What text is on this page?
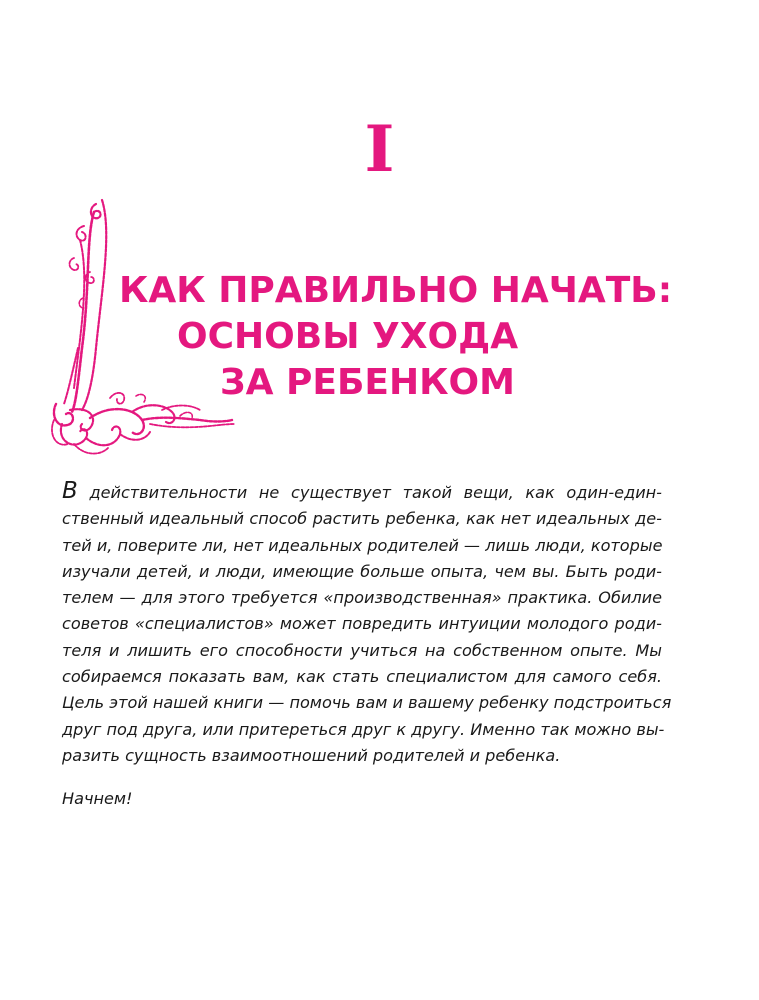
I
КАК ПРАВИЛЬНО НАЧАТЬ:
ОСНОВЫ УХОДА
ЗА РЕБЕНКОМ
В действительности не существует такой вещи, как один-един-
ственный идеальный способ растить ребенка, как нет идеальных де-
тей и, поверите ли, нет идеальных родителей — лишь люди, которые
изучали детей, и люди, имеющие больше опыта, чем вы. Быть роди-
телем — для этого требуется «производственная» практика. Обилие
советов «специалистов» может повредить интуиции молодого роди-
теля и лишить его способности учиться на собственном опыте. Мы
собираемся показать вам, как стать специалистом для самого себя.
Цель этой нашей книги — помочь вам и вашему ребенку подстроиться
друг под друга, или притереться друг к другу. Именно так можно вы-
разить сущность взаимоотношений родителей и ребенка.
Начнем!
